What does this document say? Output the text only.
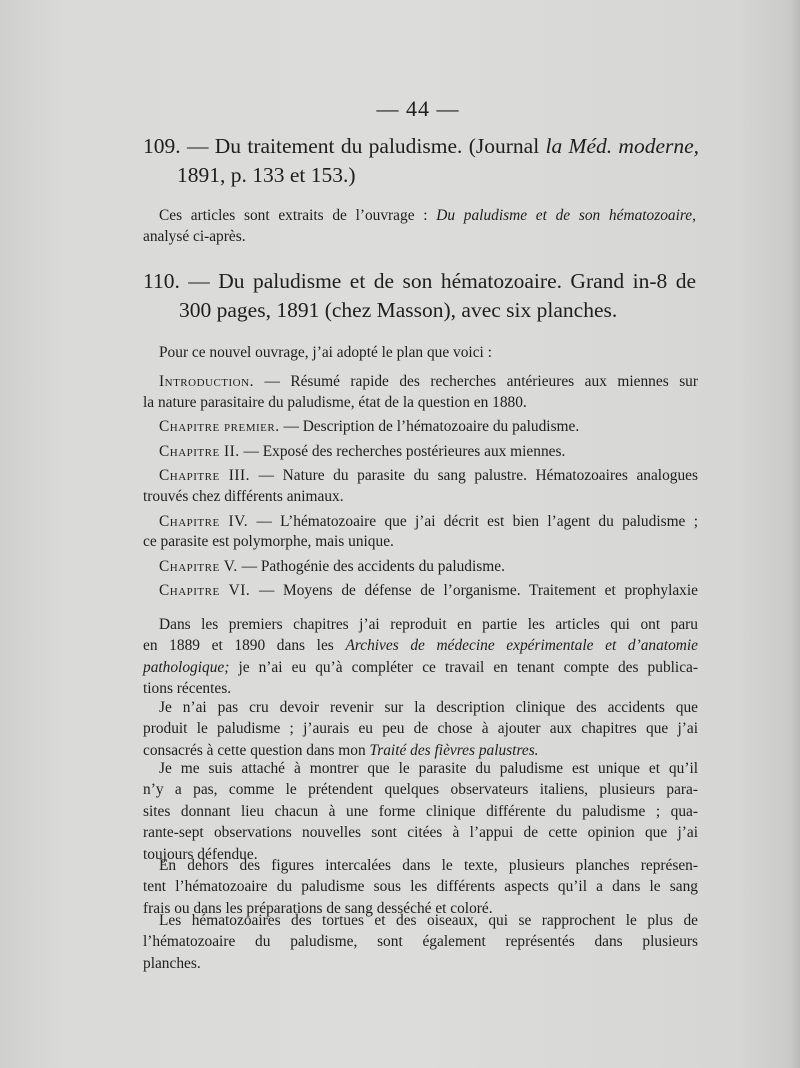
— 44 —
109. — Du traitement du paludisme. (Journal la Méd. moderne,
1891, p. 133 et 153.)
Ces articles sont extraits de l’ouvrage : Du paludisme et de son hématozoaire,
analysé ci-après.
110. — Du paludisme et de son hématozoaire. Grand in-8 de
300 pages, 1891 (chez Masson), avec six planches.
Pour ce nouvel ouvrage, j’ai adopté le plan que voici :
Introduction. — Résumé rapide des recherches antérieures aux miennes sur
la nature parasitaire du paludisme, état de la question en 1880.
Chapitre premier. — Description de l’hématozoaire du paludisme.
Chapitre II. — Exposé des recherches postérieures aux miennes.
Chapitre III. — Nature du parasite du sang palustre. Hématozoaires analogues
trouvés chez différents animaux.
Chapitre IV. — L’hématozoaire que j’ai décrit est bien l’agent du paludisme ;
ce parasite est polymorphe, mais unique.
Chapitre V. — Pathogénie des accidents du paludisme.
Chapitre VI. — Moyens de défense de l’organisme. Traitement et prophylaxie
Dans les premiers chapitres j’ai reproduit en partie les articles qui ont paru
en 1889 et 1890 dans les Archives de médecine expérimentale et d’anatomie
pathologique; je n’ai eu qu’à compléter ce travail en tenant compte des publica-
tions récentes.
Je n’ai pas cru devoir revenir sur la description clinique des accidents que
produit le paludisme ; j’aurais eu peu de chose à ajouter aux chapitres que j’ai
consacrés à cette question dans mon Traité des fièvres palustres.
Je me suis attaché à montrer que le parasite du paludisme est unique et qu’il
n’y a pas, comme le prétendent quelques observateurs italiens, plusieurs para-
sites donnant lieu chacun à une forme clinique différente du paludisme ; qua-
rante-sept observations nouvelles sont citées à l’appui de cette opinion que j’ai
toujours défendue.
En dehors des figures intercalées dans le texte, plusieurs planches représen-
tent l’hématozoaire du paludisme sous les différents aspects qu’il a dans le sang
frais ou dans les préparations de sang desséché et coloré.
Les hématozoaires des tortues et des oiseaux, qui se rapprochent le plus de
l’hématozoaire du paludisme, sont également représentés dans plusieurs
planches.
